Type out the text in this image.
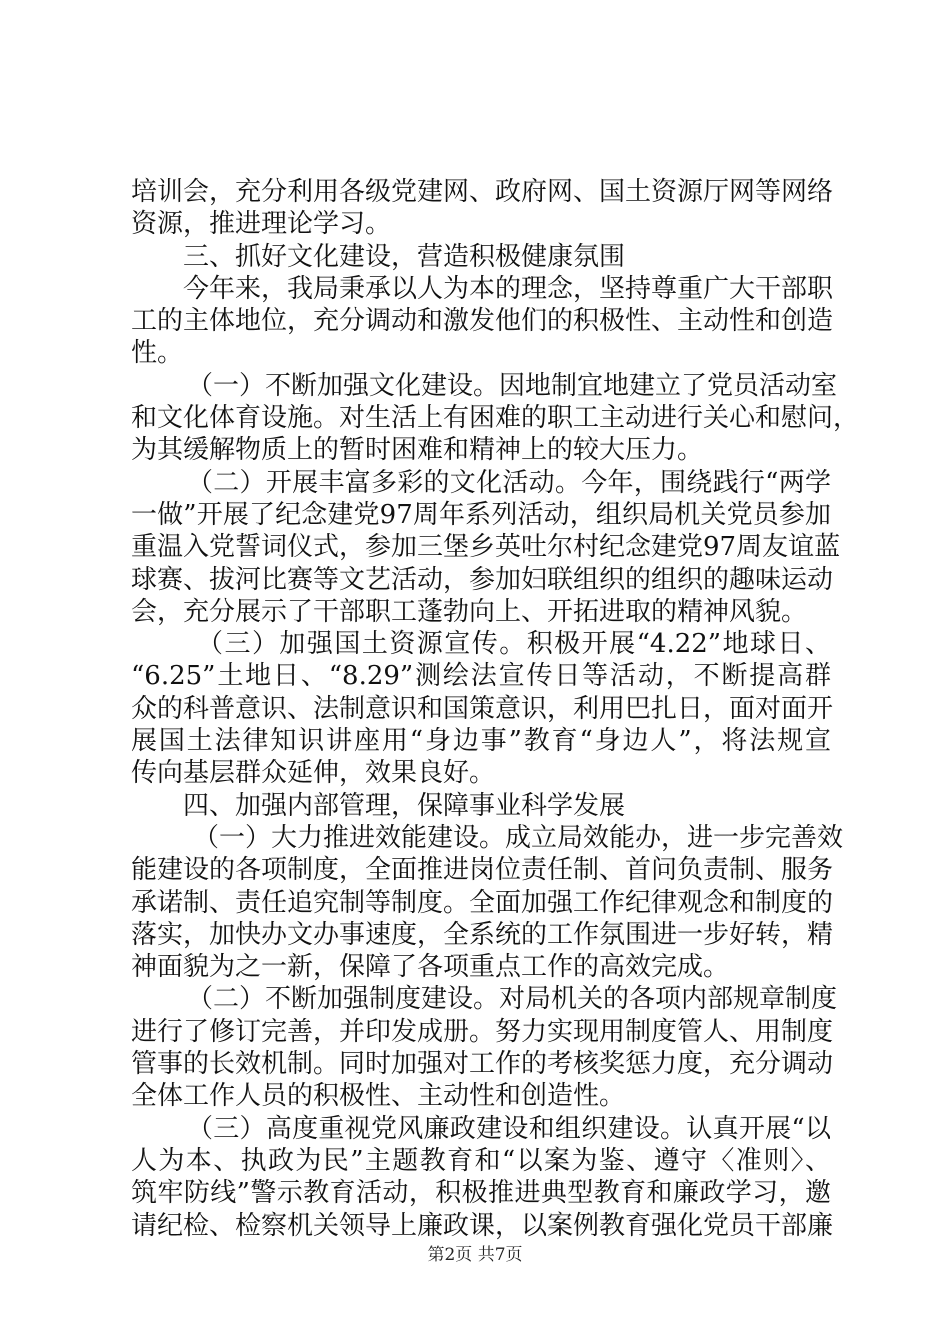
培训会，充分利用各级党建网、政府网、国土资源厅网等网络
资源，推进理论学习。
三、抓好文化建设，营造积极健康氛围
今年来，我局秉承以人为本的理念，坚持尊重广大干部职
工的主体地位，充分调动和激发他们的积极性、主动性和创造
性。
（一）不断加强文化建设。因地制宜地建立了党员活动室
和文化体育设施。对生活上有困难的职工主动进行关心和慰问，
为其缓解物质上的暂时困难和精神上的较大压力。
（二）开展丰富多彩的文化活动。今年，围绕践行“两学
一做”开展了纪念建党97周年系列活动，组织局机关党员参加
重温入党誓词仪式，参加三堡乡英吐尔村纪念建党97周友谊蓝
球赛、拔河比赛等文艺活动，参加妇联组织的组织的趣味运动
会，充分展示了干部职工蓬勃向上、开拓进取的精神风貌。
（三）加强国土资源宣传。积极开展“4.22”地球日、
“6.25”土地日、“8.29”测绘法宣传日等活动，不断提高群
众的科普意识、法制意识和国策意识，利用巴扎日，面对面开
展国土法律知识讲座用“身边事”教育“身边人”，将法规宣
传向基层群众延伸，效果良好。
四、加强内部管理，保障事业科学发展
（一）大力推进效能建设。成立局效能办，进一步完善效
能建设的各项制度，全面推进岗位责任制、首问负责制、服务
承诺制、责任追究制等制度。全面加强工作纪律观念和制度的
落实，加快办文办事速度，全系统的工作氛围进一步好转，精
神面貌为之一新，保障了各项重点工作的高效完成。
（二）不断加强制度建设。对局机关的各项内部规章制度
进行了修订完善，并印发成册。努力实现用制度管人、用制度
管事的长效机制。同时加强对工作的考核奖惩力度，充分调动
全体工作人员的积极性、主动性和创造性。
（三）高度重视党风廉政建设和组织建设。认真开展“以
人为本、执政为民”主题教育和“以案为鉴、遵守〈准则〉、
筑牢防线”警示教育活动，积极推进典型教育和廉政学习，邀
请纪检、检察机关领导上廉政课，以案例教育强化党员干部廉
第2页 共7页
